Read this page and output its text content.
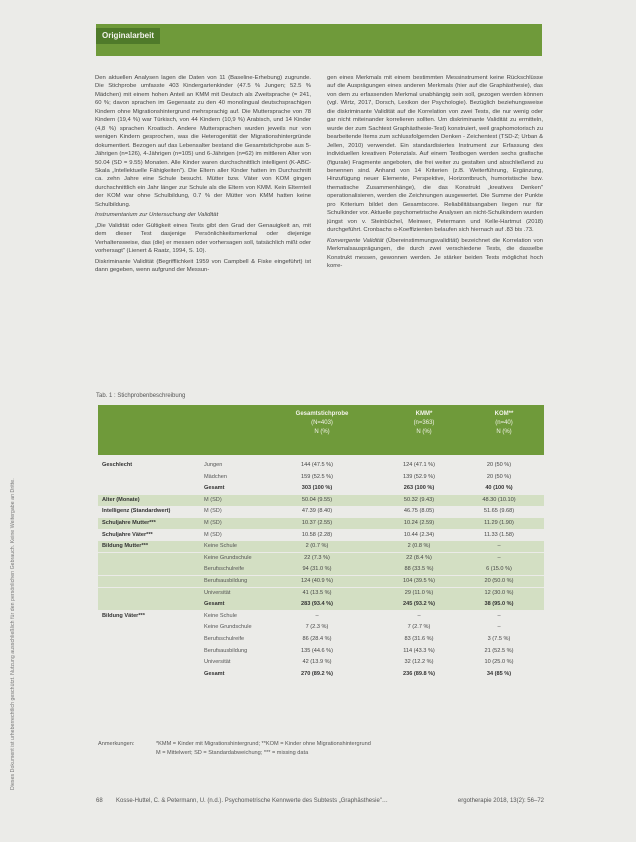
Dieses Dokument ist urheberrechtlich geschützt. Nutzung ausschließlich für den persönlichen Gebrauch. Keine Weitergabe an Dritte.
Originalarbeit

Den aktuellen Analysen lagen die Daten von 11 (Baseline-Erhebung) zugrunde. Die Stichprobe umfasste 403 Kindergartenkinder (47.5 % Jungen; 52.5 % Mädchen) mit einem hohen Anteil an KMM mit Deutsch als Zweitsprache (= 241, 60 %; davon sprachen im Gegensatz zu den 40 monolingual deutschsprachigen Kindern ohne Migrationshintergrund mehrsprachig auf. Die Muttersprache von 78 Kindern (19,4 %) war Türkisch, von 44 Kindern (10,9 %) Arabisch, und 14 Kinder (4,8 %) sprachen Kroatisch. Andere Muttersprachen wurden jeweils nur von wenigen Kindern gesprochen, was die Heterogenität der Migrationshintergründe dokumentiert. Bezogen auf das Lebensalter bestand die Gesamtstichprobe aus 5-Jährigen (n=126), 4-Jährigen (n=105) und 6-Jährigen (n=62) im mittleren Alter von 50.04 (SD = 9.55) Monaten. Alle Kinder waren durchschnittlich intelligent (K-ABC-Skala „Intellektuelle Fähigkeiten"). Die Eltern aller Kinder hatten im Durchschnitt ca. zehn Jahre eine Schule besucht. Mütter bzw. Väter von KOM gingen durchschnittlich ein Jahr länger zur Schule als die Eltern von KMM. Kein Elternteil der KOM war ohne Schulbildung, 0.7 % der Mütter von KMM hatten keine Schulbildung.

Instrumentarium zur Untersuchung der Validität

„Die Validität oder Gültigkeit eines Tests gibt den Grad der Genauigkeit an, mit dem dieser Test dasjenige Persönlichkeitsmerkmal oder diejenige Verhaltensweise, das (die) er messen oder vorhersagen soll, tatsächlich mißt oder vorhersagt" (Lienert & Raatz, 1994, S. 10).

Diskriminante Validität (Begrifflichkeit 1959 von Campbell & Fiske eingeführt) ist dann gegeben, wenn aufgrund der Messun-

gen eines Merkmals mit einem bestimmten Messinstrument keine Rückschlüsse auf die Ausprägungen eines anderen Merkmals (hier auf die Graphästhesie), das von dem zu erfassenden Merkmal unabhängig sein soll, gezogen werden können (vgl. Wirtz, 2017, Dorsch, Lexikon der Psychologie). Bezüglich beziehungsweise die diskriminante Validität auf die Korrelation von zwei Tests, die nur wenig oder gar nicht miteinander korrelieren sollten. Um diskriminante Validität zu ermitteln, wurde der zum Sachtest Graphästhesie-Test) konstruiert, weil graphomotorisch zu bearbeitende Items zum schlussfolgernden Denken - Zeichentest (TSD-Z; Urban & Jellen, 2010) verwendet. Ein standardisiertes Instrument zur Erfassung des individuellen kreativen Potenzials. Auf einem Testbogen werden sechs grafische (figurale) Fragmente angeboten, die frei weiter zu gestalten und abschließend zu benennen sind. Anhand von 14 Kriterien (z.B. Weiterführung, Ergänzung, Hinzufügung neuer Elemente, Perspektive, Horizontbruch, humoristische bzw. thematische Zusammenhänge), die das Konstrukt „kreatives Denken" operationalisieren, werden die Zeichnungen ausgewertet. Die Summe der Punkte pro Kriterium bildet den Gesamtscore. Reliabilitätsangaben liegen nur für Schulkinder vor. Aktuelle psychometrische Analysen an nicht-Schulkindern wurden jüngst von v. Steinbüchel, Meinwer, Petermann und Kelle-Hartmut (2018) durchgeführt. Cronbachs α-Koeffizienten belaufen sich hiernach auf .83 bis .73.

Konvergente Validität (Übereinstimmungsvalidität) bezeichnet die Korrelation von Merkmalsausprägungen, die durch zwei verschiedene Tests, die dasselbe Konstrukt messen, gewonnen werden. Je stärker beiden Tests möglichst hoch korre-

Tab. 1 : Stichprobenbeschreibung
Gesamtstichprobe
(N=403)
N (%)
KMM*
(n=363)
N (%)
KOM**
(n=40)
N (%)
Geschlecht	Jungen	144 (47.5 %)	124 (47.1 %)	20 (50 %)
Mädchen	159 (52.5 %)	139 (52.9 %)	20 (50 %)
Gesamt	303 (100 %)	263 (100 %)	40 (100 %)
Alter (Monate)	M (SD)	50.04 (9.55)	50.32 (9.43)	48.30 (10.10)
Intelligenz (Standardwert)	M (SD)	47.39 (8.40)	46.75 (8.05)	51.65 (9.68)
Schuljahre Mutter***	M (SD)	10.37 (2.55)	10.24 (2.59)	11.29 (1.90)
Schuljahre Väter***	M (SD)	10.58 (2.28)	10.44 (2.34)	11.33 (1.58)
Bildung Mutter***	Keine Schule	2 (0.7 %)	2 (0.8 %)	–
Keine Grundschule	22 (7.3 %)	22 (8.4 %)	–
Berufsschulreife	94 (31.0 %)	88 (33.5 %)	6 (15.0 %)
Berufsausbildung	124 (40.9 %)	104 (39.5 %)	20 (50.0 %)
Universität	41 (13.5 %)	29 (11.0 %)	12 (30.0 %)
Gesamt	283 (93.4 %)	245 (93.2 %)	38 (95.0 %)
Bildung Väter***	Keine Schule	–	–	–
Keine Grundschule	7 (2.3 %)	7 (2.7 %)	–
Berufsschulreife	86 (28.4 %)	83 (31.6 %)	3 (7.5 %)
Berufsausbildung	135 (44.6 %)	114 (43.3 %)	21 (52.5 %)
Universität	42 (13.9 %)	32 (12.2 %)	10 (25.0 %)
Gesamt	270 (89.2 %)	236 (89.8 %)	34 (85 %)
Anmerkungen:	*KMM = Kinder mit Migrationshintergrund; **KOM = Kinder ohne Migrationshintergrund
M = Mittelwert; SD = Standardabweichung; *** = missing data
68 Kosse-Huttel, C. & Petermann, U. (n.d.). Psychometrische Kennwerte des Subtests „Graphästhesie"…	ergotherapie 2018, 13(2): 56–72
